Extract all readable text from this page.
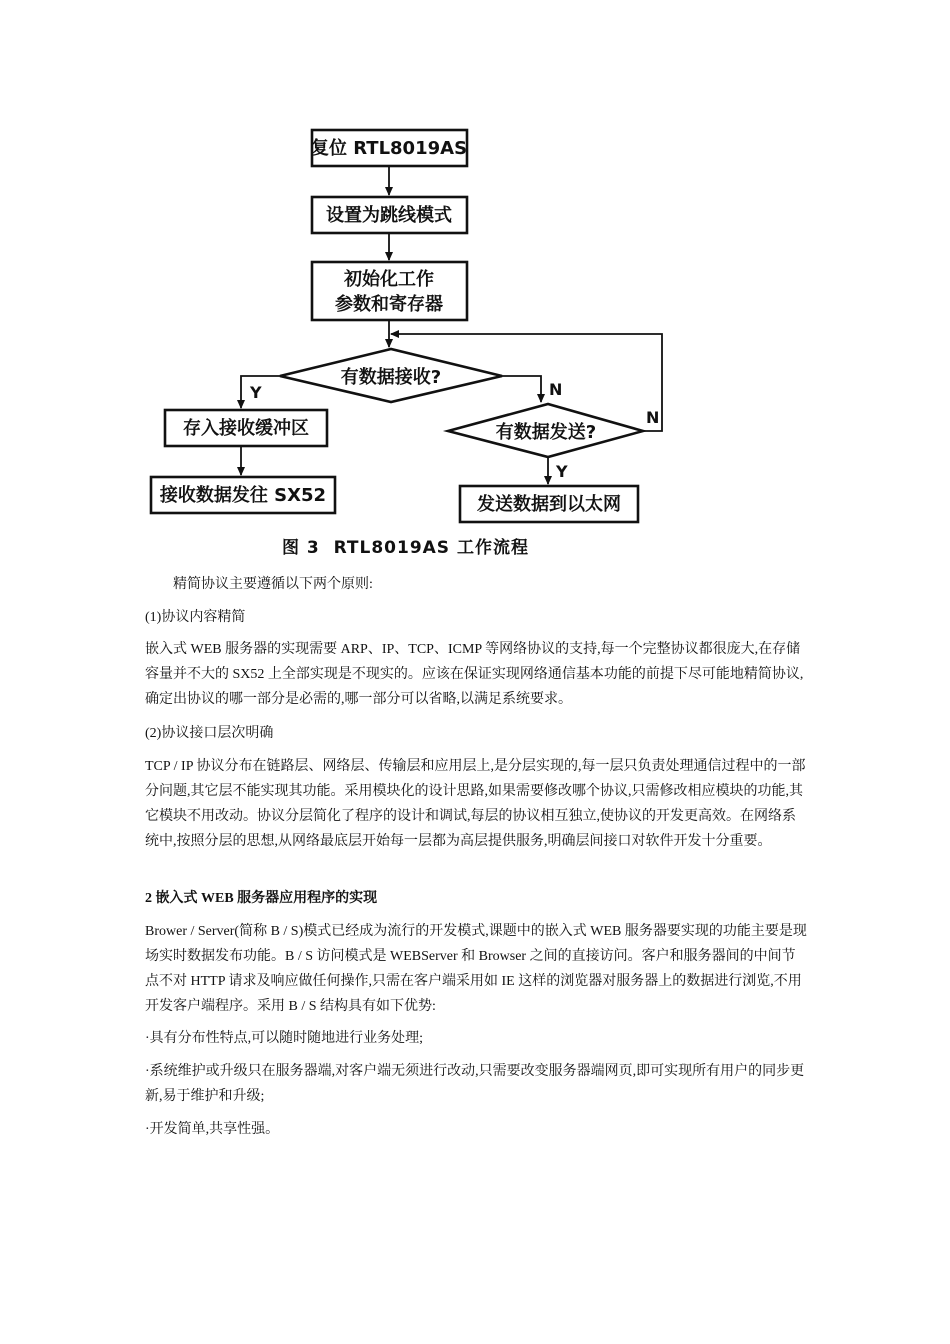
复位 RTL8019AS
设置为跳线模式
初始化工作
参数和寄存器
有数据接收?
存入接收缓冲区
接收数据发往 SX52
有数据发送?
发送数据到以太网
Y	N
N
Y
图 3  RTL8019AS 工作流程

精简协议主要遵循以下两个原则:

(1)协议内容精简

嵌入式 WEB 服务器的实现需要 ARP、IP、TCP、ICMP 等网络协议的支持,每一个完整协议都很庞大,在存储容量并不大的 SX52 上全部实现是不现实的。应该在保证实现网络通信基本功能的前提下尽可能地精简协议,确定出协议的哪一部分是必需的,哪一部分可以省略,以满足系统要求。

(2)协议接口层次明确

TCP / IP 协议分布在链路层、网络层、传输层和应用层上,是分层实现的,每一层只负责处理通信过程中的一部分问题,其它层不能实现其功能。采用模块化的设计思路,如果需要修改哪个协议,只需修改相应模块的功能,其它模块不用改动。协议分层简化了程序的设计和调试,每层的协议相互独立,使协议的开发更高效。在网络系统中,按照分层的思想,从网络最底层开始每一层都为高层提供服务,明确层间接口对软件开发十分重要。

2 嵌入式 WEB 服务器应用程序的实现

Brower / Server(简称 B / S)模式已经成为流行的开发模式,课题中的嵌入式 WEB 服务器要实现的功能主要是现场实时数据发布功能。B / S 访问模式是 WEBServer 和 Browser 之间的直接访问。客户和服务器间的中间节点不对 HTTP 请求及响应做任何操作,只需在客户端采用如 IE 这样的浏览器对服务器上的数据进行浏览,不用开发客户端程序。采用 B / S 结构具有如下优势:

·具有分布性特点,可以随时随地进行业务处理;

·系统维护或升级只在服务器端,对客户端无须进行改动,只需要改变服务器端网页,即可实现所有用户的同步更新,易于维护和升级;

·开发简单,共享性强。
